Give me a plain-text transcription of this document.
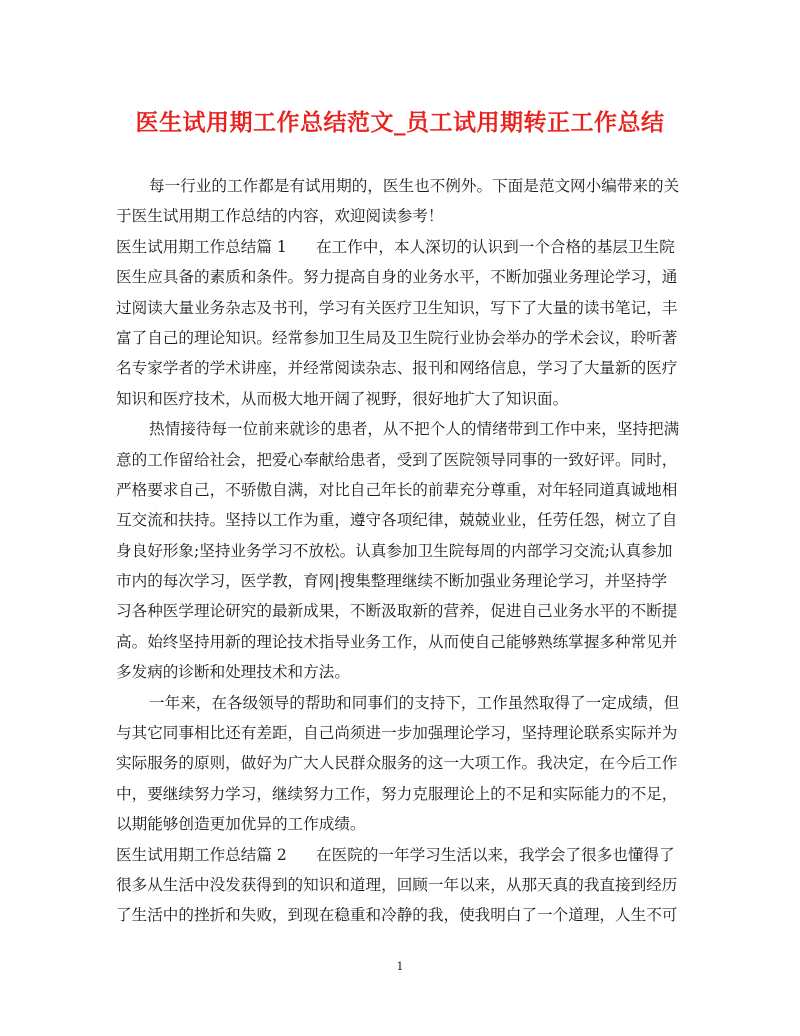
医生试用期工作总结范文_员工试用期转正工作总结
每一行业的工作都是有试用期的，医生也不例外。下面是范文网小编带来的关
于医生试用期工作总结的内容，欢迎阅读参考！
医生试用期工作总结篇 1 在工作中，本人深切的认识到一个合格的基层卫生院
医生应具备的素质和条件。努力提高自身的业务水平，不断加强业务理论学习，通
过阅读大量业务杂志及书刊，学习有关医疗卫生知识，写下了大量的读书笔记，丰
富了自己的理论知识。经常参加卫生局及卫生院行业协会举办的学术会议，聆听著
名专家学者的学术讲座，并经常阅读杂志、报刊和网络信息，学习了大量新的医疗
知识和医疗技术，从而极大地开阔了视野，很好地扩大了知识面。
热情接待每一位前来就诊的患者，从不把个人的情绪带到工作中来，坚持把满
意的工作留给社会，把爱心奉献给患者，受到了医院领导同事的一致好评。同时，
严格要求自己，不骄傲自满，对比自己年长的前辈充分尊重，对年轻同道真诚地相
互交流和扶持。坚持以工作为重，遵守各项纪律，兢兢业业，任劳任怨，树立了自
身良好形象;坚持业务学习不放松。认真参加卫生院每周的内部学习交流;认真参加
市内的每次学习，医学教，育网|搜集整理继续不断加强业务理论学习，并坚持学
习各种医学理论研究的最新成果，不断汲取新的营养，促进自己业务水平的不断提
高。始终坚持用新的理论技术指导业务工作，从而使自己能够熟练掌握多种常见并
多发病的诊断和处理技术和方法。
一年来，在各级领导的帮助和同事们的支持下，工作虽然取得了一定成绩，但
与其它同事相比还有差距，自己尚须进一步加强理论学习，坚持理论联系实际并为
实际服务的原则，做好为广大人民群众服务的这一大项工作。我决定，在今后工作
中，要继续努力学习，继续努力工作，努力克服理论上的不足和实际能力的不足，
以期能够创造更加优异的工作成绩。
医生试用期工作总结篇 2 在医院的一年学习生活以来，我学会了很多也懂得了
很多从生活中没发获得到的知识和道理，回顾一年以来，从那天真的我直接到经历
了生活中的挫折和失败，到现在稳重和冷静的我，使我明白了一个道理，人生不可
1
